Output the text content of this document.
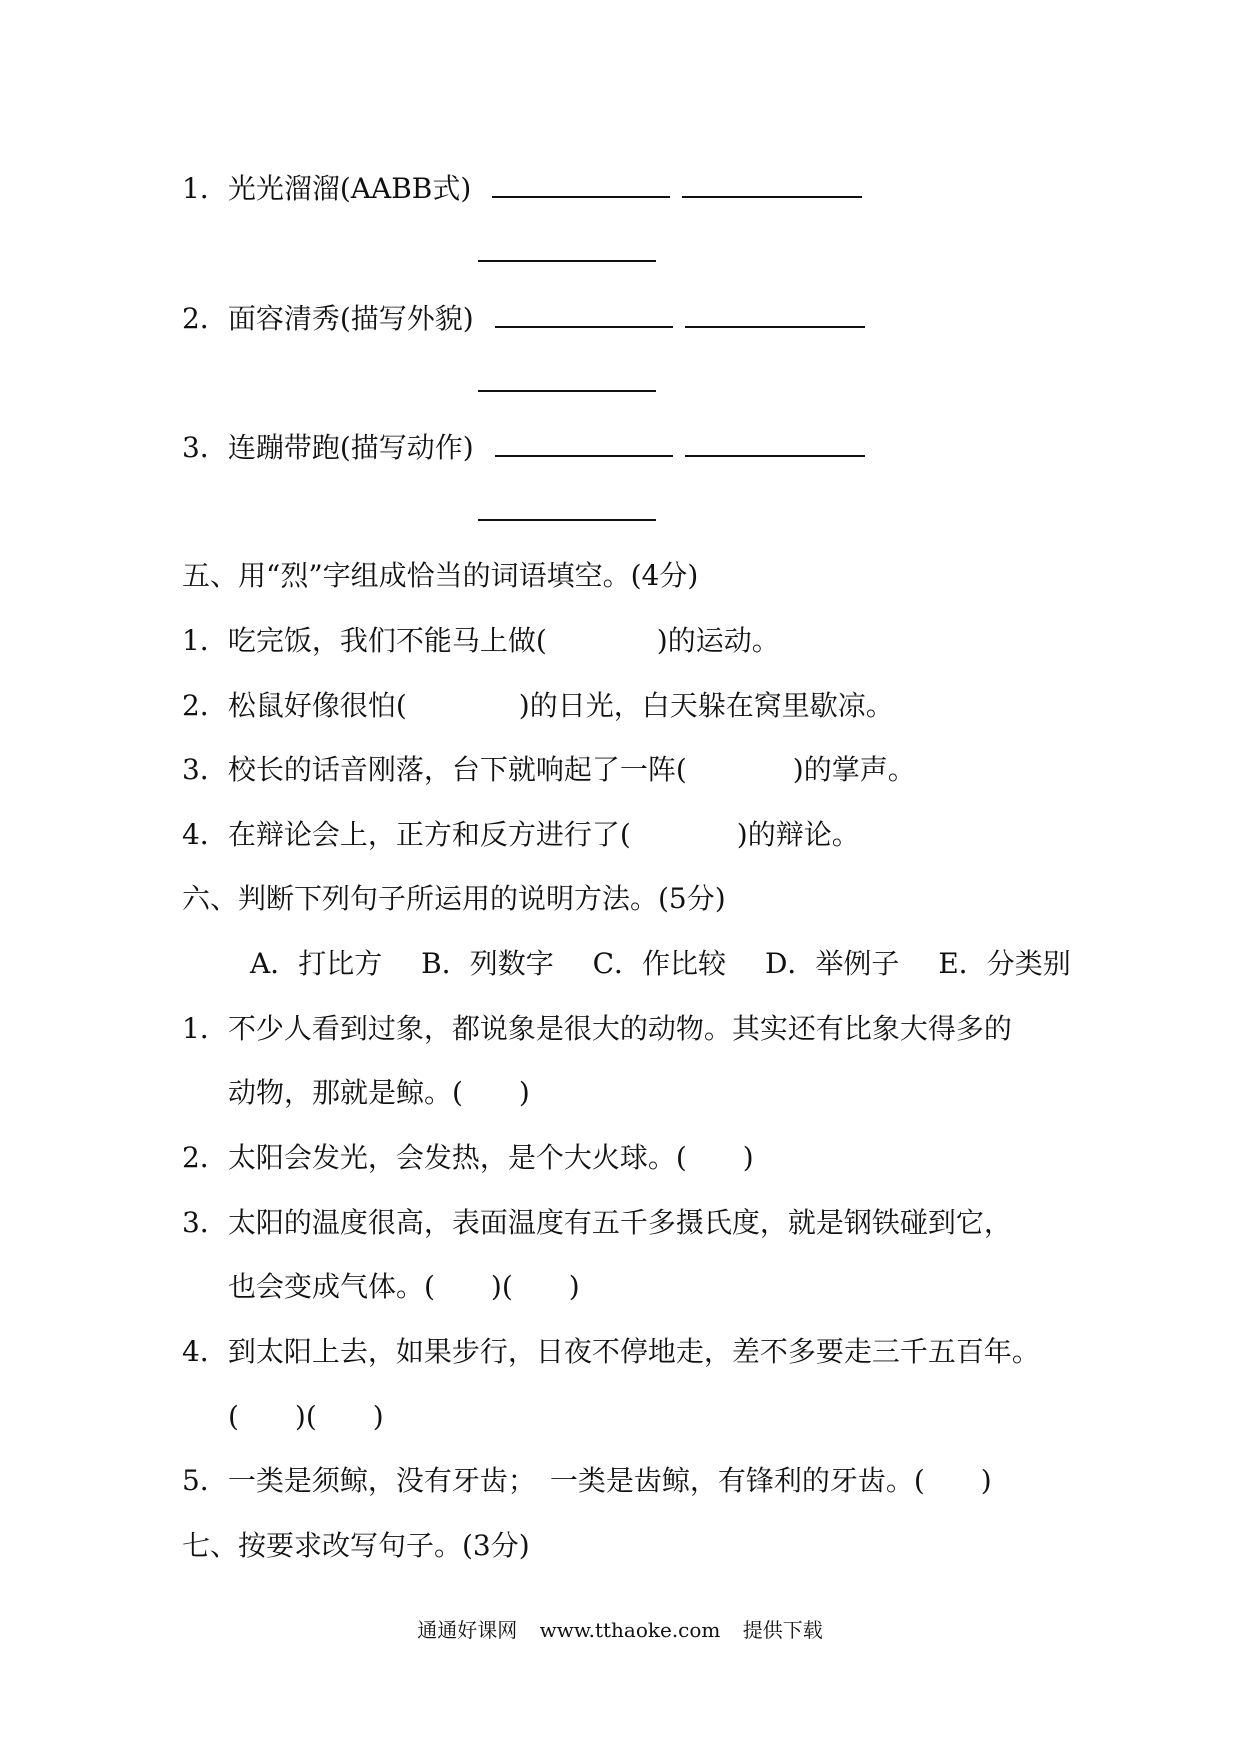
1．光光溜溜(AABB式)
2．面容清秀(描写外貌)
3．连蹦带跑(描写动作)
五、用“烈”字组成恰当的词语填空。(4分)
1．吃完饭，我们不能马上做(	)的运动。
2．松鼠好像很怕(	)的日光，白天躲在窝里歇凉。
3．校长的话音刚落，台下就响起了一阵(	)的掌声。
4．在辩论会上，正方和反方进行了(	)的辩论。
六、判断下列句子所运用的说明方法。(5分)
A．打比方 B．列数字 C．作比较 D．举例子 E．分类别
1．不少人看到过象，都说象是很大的动物。其实还有比象大得多的
动物，那就是鲸。(　　)
2．太阳会发光，会发热，是个大火球。(　　)
3．太阳的温度很高，表面温度有五千多摄氏度，就是钢铁碰到它，
也会变成气体。(　　)(　　)
4．到太阳上去，如果步行，日夜不停地走，差不多要走三千五百年。
(　　)(　　)
5．一类是须鲸，没有牙齿；　一类是齿鲸，有锋利的牙齿。(　　)
七、按要求改写句子。(3分)
通通好课网 www.tthaoke.com 提供下载
